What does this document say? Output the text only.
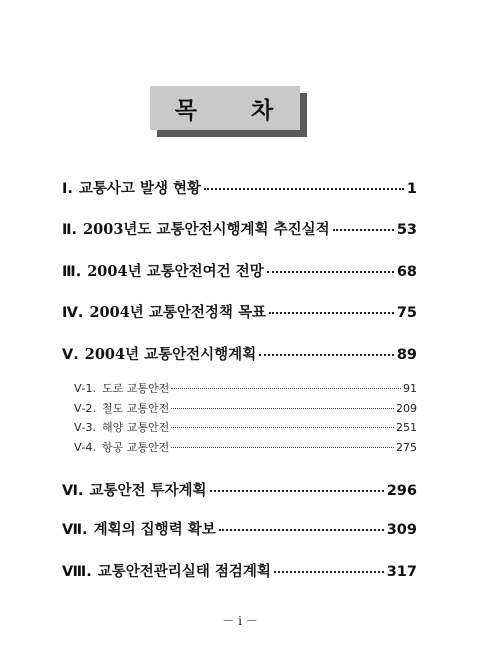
목 차
Ⅰ. 교통사고 발생 현황	1
Ⅱ. 2003년도 교통안전시행계획 추진실적	53
Ⅲ. 2004년 교통안전여건 전망	68
Ⅳ. 2004년 교통안전정책 목표	75
Ⅴ. 2004년 교통안전시행계획	89
Ⅴ-1. 도로 교통안전	91
Ⅴ-2. 철도 교통안전	209
Ⅴ-3. 해양 교통안전	251
Ⅴ-4. 항공 교통안전	275
Ⅵ. 교통안전 투자계획	296
Ⅶ. 계획의 집행력 확보	309
Ⅷ. 교통안전관리실태 점검계획	317
－ i －
